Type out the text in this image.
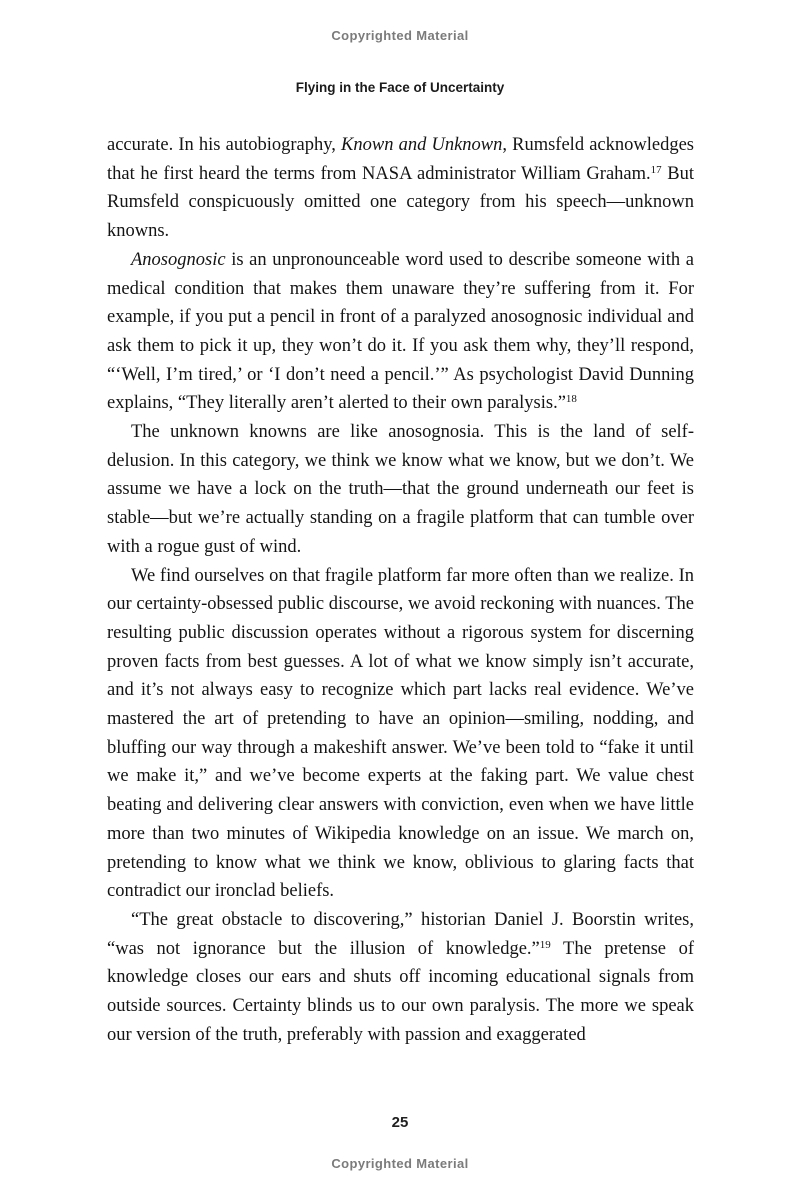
Copyrighted Material
Flying in the Face of Uncertainty

accurate. In his autobiography, Known and Unknown, Rumsfeld acknowledges that he first heard the terms from NASA administrator William Graham.$^{17}$ But Rumsfeld conspicuously omitted one category from his speech—unknown knowns.

Anosognosic is an unpronounceable word used to describe someone with a medical condition that makes them unaware they’re suffering from it. For example, if you put a pencil in front of a paralyzed anosognosic individual and ask them to pick it up, they won’t do it. If you ask them why, they’ll respond, “‘Well, I’m tired,’ or ‘I don’t need a pencil.’” As psychologist David Dunning explains, “They literally aren’t alerted to their own paralysis.”$^{18}$

The unknown knowns are like anosognosia. This is the land of self-delusion. In this category, we think we know what we know, but we don’t. We assume we have a lock on the truth—that the ground underneath our feet is stable—but we’re actually standing on a fragile platform that can tumble over with a rogue gust of wind.

We find ourselves on that fragile platform far more often than we realize. In our certainty-obsessed public discourse, we avoid reckoning with nuances. The resulting public discussion operates without a rigorous system for discerning proven facts from best guesses. A lot of what we know simply isn’t accurate, and it’s not always easy to recognize which part lacks real evidence. We’ve mastered the art of pretending to have an opinion—smiling, nodding, and bluffing our way through a makeshift answer. We’ve been told to “fake it until we make it,” and we’ve become experts at the faking part. We value chest beating and delivering clear answers with conviction, even when we have little more than two minutes of Wikipedia knowledge on an issue. We march on, pretending to know what we think we know, oblivious to glaring facts that contradict our ironclad beliefs.

“The great obstacle to discovering,” historian Daniel J. Boorstin writes, “was not ignorance but the illusion of knowledge.”$^{19}$ The pretense of knowledge closes our ears and shuts off incoming educational signals from outside sources. Certainty blinds us to our own paralysis. The more we speak our version of the truth, preferably with passion and exaggerated

25
Copyrighted Material
